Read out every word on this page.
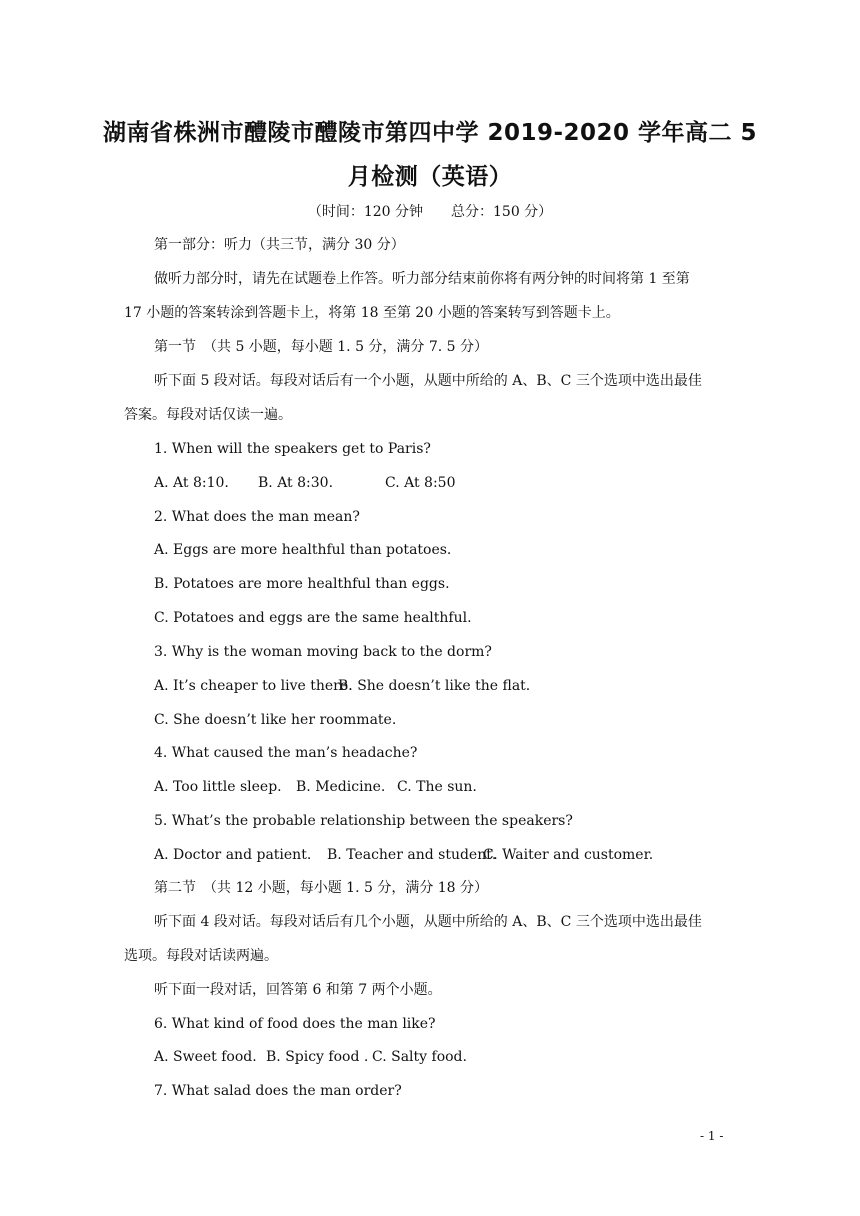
湖南省株洲市醴陵市醴陵市第四中学 2019-2020 学年高二 5
月检测（英语）
（时间：120 分钟　　总分：150 分）
第一部分：听力（共三节，满分 30 分）
做听力部分时，请先在试题卷上作答。听力部分结束前你将有两分钟的时间将第 1 至第
17 小题的答案转涂到答题卡上，将第 18 至第 20 小题的答案转写到答题卡上。
第一节　（共 5 小题，每小题 1. 5 分，满分 7. 5 分）
听下面 5 段对话。每段对话后有一个小题，从题中所给的 A、B、C 三个选项中选出最佳
答案。每段对话仅读一遍。
1. When will the speakers get to Paris?
A. At 8:10. B. At 8:30.	C. At 8:50
2. What does the man mean?
A. Eggs are more healthful than potatoes.
B. Potatoes are more healthful than eggs.
C. Potatoes and eggs are the same healthful.
3. Why is the woman moving back to the dorm?
A. It’s cheaper to live there.B. She doesn’t like the flat.
C. She doesn’t like her roommate.
4. What caused the man’s headache?
A. Too little sleep. B. Medicine. C. The sun.
5. What’s the probable relationship between the speakers?
A. Doctor and patient. B. Teacher and student.C. Waiter and customer.
第二节　（共 12 小题，每小题 1. 5 分，满分 18 分）
听下面 4 段对话。每段对话后有几个小题，从题中所给的 A、B、C 三个选项中选出最佳
选项。每段对话读两遍。
听下面一段对话，回答第 6 和第 7 两个小题。
6. What kind of food does the man like?
A. Sweet food. B. Spicy food . C. Salty food.
7. What salad does the man order?
- 1 -
